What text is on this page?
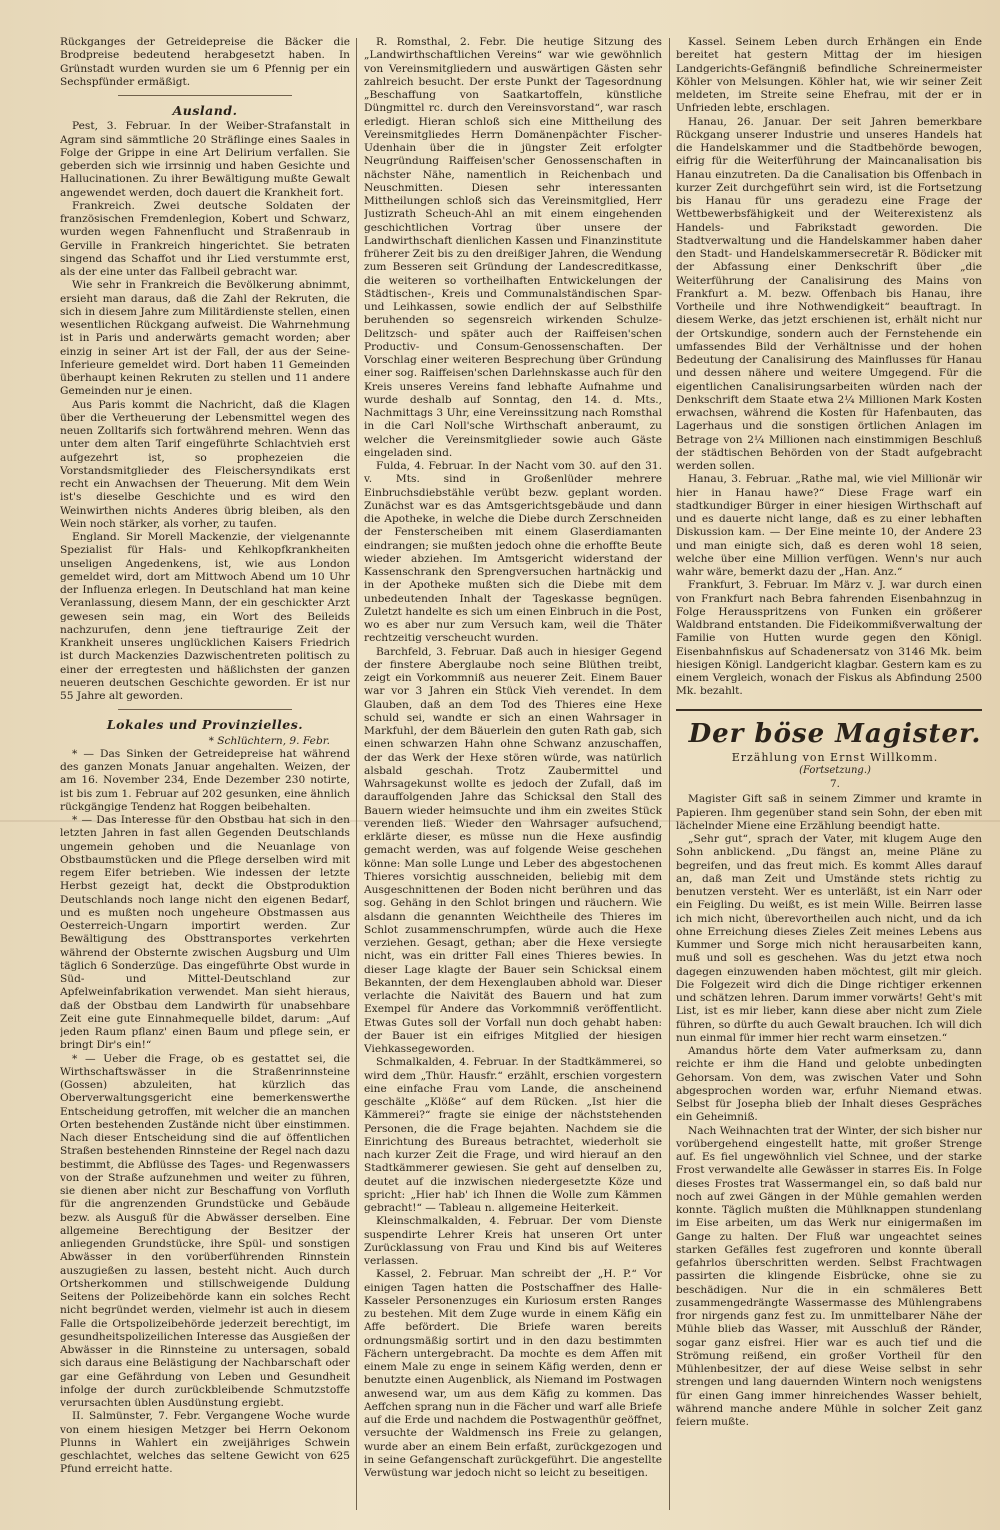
Rückganges der Getreidepreise die Bäcker die Brodpreise bedeutend herabgesetzt haben. In Grünstadt wurden wurden sie um 6 Pfennig per ein Sechspfünder ermäßigt.

Ausland.

Pest, 3. Februar. In der Weiber-Strafanstalt in Agram sind sämmtliche 20 Sträflinge eines Saales in Folge der Grippe in eine Art Delirium verfallen. Sie geberden sich wie irrsinnig und haben Gesichte und Hallucinationen. Zu ihrer Bewältigung mußte Gewalt angewendet werden, doch dauert die Krankheit fort.

Frankreich. Zwei deutsche Soldaten der französischen Fremdenlegion, Kobert und Schwarz, wurden wegen Fahnenflucht und Straßenraub in Gerville in Frankreich hingerichtet. Sie betraten singend das Schaffot und ihr Lied verstummte erst, als der eine unter das Fallbeil gebracht war.

Wie sehr in Frankreich die Bevölkerung abnimmt, ersieht man daraus, daß die Zahl der Rekruten, die sich in diesem Jahre zum Militärdienste stellen, einen wesentlichen Rückgang aufweist. Die Wahrnehmung ist in Paris und anderwärts gemacht worden; aber einzig in seiner Art ist der Fall, der aus der Seine-Inferieure gemeldet wird. Dort haben 11 Gemeinden überhaupt keinen Rekruten zu stellen und 11 andere Gemeinden nur je einen.

Aus Paris kommt die Nachricht, daß die Klagen über die Vertheuerung der Lebensmittel wegen des neuen Zolltarifs sich fortwährend mehren. Wenn das unter dem alten Tarif eingeführte Schlachtvieh erst aufgezehrt ist, so prophezeien die Vorstandsmitglieder des Fleischersyndikats erst recht ein Anwachsen der Theuerung. Mit dem Wein ist's dieselbe Geschichte und es wird den Weinwirthen nichts Anderes übrig bleiben, als den Wein noch stärker, als vorher, zu taufen.

England. Sir Morell Mackenzie, der vielgenannte Spezialist für Hals- und Kehlkopfkrankheiten unseligen Angedenkens, ist, wie aus London gemeldet wird, dort am Mittwoch Abend um 10 Uhr der Influenza erlegen. In Deutschland hat man keine Veranlassung, diesem Mann, der ein geschickter Arzt gewesen sein mag, ein Wort des Beileids nachzurufen, denn jene tieftraurige Zeit der Krankheit unseres unglücklichen Kaisers Friedrich ist durch Mackenzies Dazwischentreten politisch zu einer der erregtesten und häßlichsten der ganzen neueren deutschen Geschichte geworden. Er ist nur 55 Jahre alt geworden.

Lokales und Provinzielles.

* Schlüchtern, 9. Febr.

* — Das Sinken der Getreidepreise hat während des ganzen Monats Januar angehalten. Weizen, der am 16. November 234, Ende Dezember 230 notirte, ist bis zum 1. Februar auf 202 gesunken, eine ähnlich rückgängige Tendenz hat Roggen beibehalten.

* — Das Interesse für den Obstbau hat sich in den letzten Jahren in fast allen Gegenden Deutschlands ungemein gehoben und die Neuanlage von Obstbaumstücken und die Pflege derselben wird mit regem Eifer betrieben. Wie indessen der letzte Herbst gezeigt hat, deckt die Obstproduktion Deutschlands noch lange nicht den eigenen Bedarf, und es mußten noch ungeheure Obstmassen aus Oesterreich-Ungarn importirt werden. Zur Bewältigung des Obsttransportes verkehrten während der Obsternte zwischen Augsburg und Ulm täglich 6 Sonderzüge. Das eingeführte Obst wurde in Süd- und Mittel-Deutschland zur Apfelweinfabrikation verwendet. Man sieht hieraus, daß der Obstbau dem Landwirth für unabsehbare Zeit eine gute Einnahmequelle bildet, darum: „Auf jeden Raum pflanz' einen Baum und pflege sein, er bringt Dir's ein!“

* — Ueber die Frage, ob es gestattet sei, die Wirthschaftswässer in die Straßenrinnsteine (Gossen) abzuleiten, hat kürzlich das Oberverwaltungsgericht eine bemerkenswerthe Entscheidung getroffen, mit welcher die an manchen Orten bestehenden Zustände nicht über einstimmen. Nach dieser Entscheidung sind die auf öffentlichen Straßen bestehenden Rinnsteine der Regel nach dazu bestimmt, die Abflüsse des Tages- und Regenwassers von der Straße aufzunehmen und weiter zu führen, sie dienen aber nicht zur Beschaffung von Vorfluth für die angrenzenden Grundstücke und Gebäude bezw. als Ausguß für die Abwässer derselben. Eine allgemeine Berechtigung der Besitzer der anliegenden Grundstücke, ihre Spül- und sonstigen Abwässer in den vorüberführenden Rinnstein auszugießen zu lassen, besteht nicht. Auch durch Ortsherkommen und stillschweigende Duldung Seitens der Polizeibehörde kann ein solches Recht nicht begründet werden, vielmehr ist auch in diesem Falle die Ortspolizeibehörde jederzeit berechtigt, im gesundheitspolizeilichen Interesse das Ausgießen der Abwässer in die Rinnsteine zu untersagen, sobald sich daraus eine Belästigung der Nachbarschaft oder gar eine Gefährdung von Leben und Gesundheit infolge der durch zurückbleibende Schmutzstoffe verursachten üblen Ausdünstung ergiebt.

II. Salmünster, 7. Febr. Vergangene Woche wurde von einem hiesigen Metzger bei Herrn Oekonom Plunns in Wahlert ein zweijähriges Schwein geschlachtet, welches das seltene Gewicht von 625 Pfund erreicht hatte.

R. Romsthal, 2. Febr. Die heutige Sitzung des „Landwirthschaftlichen Vereins“ war wie gewöhnlich von Vereinsmitgliedern und auswärtigen Gästen sehr zahlreich besucht. Der erste Punkt der Tagesordnung „Beschaffung von Saatkartoffeln, künstliche Düngmittel rc. durch den Vereinsvorstand“, war rasch erledigt. Hieran schloß sich eine Mittheilung des Vereinsmitgliedes Herrn Domänenpächter Fischer-Udenhain über die in jüngster Zeit erfolgter Neugründung Raiffeisen'scher Genossenschaften in nächster Nähe, namentlich in Reichenbach und Neuschmitten. Diesen sehr interessanten Mittheilungen schloß sich das Vereinsmitglied, Herr Justizrath Scheuch-Ahl an mit einem eingehenden geschichtlichen Vortrag über unsere der Landwirthschaft dienlichen Kassen und Finanzinstitute früherer Zeit bis zu den dreißiger Jahren, die Wendung zum Besseren seit Gründung der Landescreditkasse, die weiteren so vortheilhaften Entwickelungen der Städtischen-, Kreis und Communalständischen Spar- und Leihkassen, sowie endlich der auf Selbsthilfe beruhenden so segensreich wirkenden Schulze-Delitzsch- und später auch der Raiffeisen'schen Productiv- und Consum-Genossenschaften. Der Vorschlag einer weiteren Besprechung über Gründung einer sog. Raiffeisen'schen Darlehnskasse auch für den Kreis unseres Vereins fand lebhafte Aufnahme und wurde deshalb auf Sonntag, den 14. d. Mts., Nachmittags 3 Uhr, eine Vereinssitzung nach Romsthal in die Carl Noll'sche Wirthschaft anberaumt, zu welcher die Vereinsmitglieder sowie auch Gäste eingeladen sind.

Fulda, 4. Februar. In der Nacht vom 30. auf den 31. v. Mts. sind in Großenlüder mehrere Einbruchsdiebstähle verübt bezw. geplant worden. Zunächst war es das Amtsgerichtsgebäude und dann die Apotheke, in welche die Diebe durch Zerschneiden der Fensterscheiben mit einem Glaserdiamanten eindrangen; sie mußten jedoch ohne die erhoffte Beute wieder abziehen. Im Amtsgericht widerstand der Kassenschrank den Sprengversuchen hartnäckig und in der Apotheke mußten sich die Diebe mit dem unbedeutenden Inhalt der Tageskasse begnügen. Zuletzt handelte es sich um einen Einbruch in die Post, wo es aber nur zum Versuch kam, weil die Thäter rechtzeitig verscheucht wurden.

Barchfeld, 3. Februar. Daß auch in hiesiger Gegend der finstere Aberglaube noch seine Blüthen treibt, zeigt ein Vorkommniß aus neuerer Zeit. Einem Bauer war vor 3 Jahren ein Stück Vieh verendet. In dem Glauben, daß an dem Tod des Thieres eine Hexe schuld sei, wandte er sich an einen Wahrsager in Markfuhl, der dem Bäuerlein den guten Rath gab, sich einen schwarzen Hahn ohne Schwanz anzuschaffen, der das Werk der Hexe stören würde, was natürlich alsbald geschah. Trotz Zaubermittel und Wahrsagekunst wollte es jedoch der Zufall, daß im darauffolgenden Jahre das Schicksal den Stall des Bauern wieder heimsuchte und ihm ein zweites Stück verenden ließ. Wieder den Wahrsager aufsuchend, erklärte dieser, es müsse nun die Hexe ausfindig gemacht werden, was auf folgende Weise geschehen könne: Man solle Lunge und Leber des abgestochenen Thieres vorsichtig ausschneiden, beliebig mit dem Ausgeschnittenen der Boden nicht berühren und das sog. Gehäng in den Schlot bringen und räuchern. Wie alsdann die genannten Weichtheile des Thieres im Schlot zusammenschrumpfen, würde auch die Hexe verziehen. Gesagt, gethan; aber die Hexe versiegte nicht, was ein dritter Fall eines Thieres bewies. In dieser Lage klagte der Bauer sein Schicksal einem Bekannten, der dem Hexenglauben abhold war. Dieser verlachte die Naivität des Bauern und hat zum Exempel für Andere das Vorkommniß veröffentlicht. Etwas Gutes soll der Vorfall nun doch gehabt haben: der Bauer ist ein eifriges Mitglied der hiesigen Viehkassegeworden.

Schmalkalden, 4. Februar. In der Stadtkämmerei, so wird dem „Thür. Hausfr.“ erzählt, erschien vorgestern eine einfache Frau vom Lande, die anscheinend geschälte „Klöße“ auf dem Rücken. „Ist hier die Kämmerei?“ fragte sie einige der nächststehenden Personen, die die Frage bejahten. Nachdem sie die Einrichtung des Bureaus betrachtet, wiederholt sie nach kurzer Zeit die Frage, und wird hierauf an den Stadtkämmerer gewiesen. Sie geht auf denselben zu, deutet auf die inzwischen niedergesetzte Köze und spricht: „Hier hab' ich Ihnen die Wolle zum Kämmen gebracht!“ — Tableau n. allgemeine Heiterkeit.

Kleinschmalkalden, 4. Februar. Der vom Dienste suspendirte Lehrer Kreis hat unseren Ort unter Zurücklassung von Frau und Kind bis auf Weiteres verlassen.

Kassel, 2. Februar. Man schreibt der „H. P.“ Vor einigen Tagen hatten die Postschaffner des Halle-Kasseler Personenzuges ein Kuriosum ersten Ranges zu bestehen. Mit dem Zuge wurde in einem Käfig ein Affe befördert. Die Briefe waren bereits ordnungsmäßig sortirt und in den dazu bestimmten Fächern untergebracht. Da mochte es dem Affen mit einem Male zu enge in seinem Käfig werden, denn er benutzte einen Augenblick, als Niemand im Postwagen anwesend war, um aus dem Käfig zu kommen. Das Aeffchen sprang nun in die Fächer und warf alle Briefe auf die Erde und nachdem die Postwagenthür geöffnet, versuchte der Waldmensch ins Freie zu gelangen, wurde aber an einem Bein erfaßt, zurückgezogen und in seine Gefangenschaft zurückgeführt. Die angestellte Verwüstung war jedoch nicht so leicht zu beseitigen.

Kassel. Seinem Leben durch Erhängen ein Ende bereitet hat gestern Mittag der im hiesigen Landgerichts-Gefängniß befindliche Schreinermeister Köhler von Melsungen. Köhler hat, wie wir seiner Zeit meldeten, im Streite seine Ehefrau, mit der er in Unfrieden lebte, erschlagen.

Hanau, 26. Januar. Der seit Jahren bemerkbare Rückgang unserer Industrie und unseres Handels hat die Handelskammer und die Stadtbehörde bewogen, eifrig für die Weiterführung der Maincanalisation bis Hanau einzutreten. Da die Canalisation bis Offenbach in kurzer Zeit durchgeführt sein wird, ist die Fortsetzung bis Hanau für uns geradezu eine Frage der Wettbewerbsfähigkeit und der Weiterexistenz als Handels- und Fabrikstadt geworden. Die Stadtverwaltung und die Handelskammer haben daher den Stadt- und Handelskammersecretär R. Bödicker mit der Abfassung einer Denkschrift über „die Weiterführung der Canalisirung des Mains von Frankfurt a. M. bezw. Offenbach bis Hanau, ihre Vortheile und ihre Nothwendigkeit“ beauftragt. In diesem Werke, das jetzt erschienen ist, erhält nicht nur der Ortskundige, sondern auch der Fernstehende ein umfassendes Bild der Verhältnisse und der hohen Bedeutung der Canalisirung des Mainflusses für Hanau und dessen nähere und weitere Umgegend. Für die eigentlichen Canalisirungsarbeiten würden nach der Denkschrift dem Staate etwa 2¼ Millionen Mark Kosten erwachsen, während die Kosten für Hafenbauten, das Lagerhaus und die sonstigen örtlichen Anlagen im Betrage von 2¼ Millionen nach einstimmigen Beschluß der städtischen Behörden von der Stadt aufgebracht werden sollen.

Hanau, 3. Februar. „Rathe mal, wie viel Millionär wir hier in Hanau hawe?“ Diese Frage warf ein stadtkundiger Bürger in einer hiesigen Wirthschaft auf und es dauerte nicht lange, daß es zu einer lebhaften Diskussion kam. — Der Eine meinte 10, der Andere 23 und man einigte sich, daß es deren wohl 18 seien, welche über eine Million verfügen. Wenn's nur auch wahr wäre, bemerkt dazu der „Han. Anz.“

Frankfurt, 3. Februar. Im März v. J. war durch einen von Frankfurt nach Bebra fahrenden Eisenbahnzug in Folge Herausspritzens von Funken ein größerer Waldbrand entstanden. Die Fideikommißverwaltung der Familie von Hutten wurde gegen den Königl. Eisenbahnfiskus auf Schadenersatz von 3146 Mk. beim hiesigen Königl. Landgericht klagbar. Gestern kam es zu einem Vergleich, wonach der Fiskus als Abfindung 2500 Mk. bezahlt.

Der böse Magister.

Erzählung von Ernst Willkomm.

(Fortsetzung.)

7.

Magister Gift saß in seinem Zimmer und kramte in Papieren. Ihm gegenüber stand sein Sohn, der eben mit lächelnder Miene eine Erzählung beendigt hatte.

„Sehr gut“, sprach der Vater, mit klugem Auge den Sohn anblickend. „Du fängst an, meine Pläne zu begreifen, und das freut mich. Es kommt Alles darauf an, daß man Zeit und Umstände stets richtig zu benutzen versteht. Wer es unterläßt, ist ein Narr oder ein Feigling. Du weißt, es ist mein Wille. Beirren lasse ich mich nicht, überevortheilen auch nicht, und da ich ohne Erreichung dieses Zieles Zeit meines Lebens aus Kummer und Sorge mich nicht herausarbeiten kann, muß und soll es geschehen. Was du jetzt etwa noch dagegen einzuwenden haben möchtest, gilt mir gleich. Die Folgezeit wird dich die Dinge richtiger erkennen und schätzen lehren. Darum immer vorwärts! Geht's mit List, ist es mir lieber, kann diese aber nicht zum Ziele führen, so dürfte du auch Gewalt brauchen. Ich will dich nun einmal für immer hier recht warm einsetzen.“

Amandus hörte dem Vater aufmerksam zu, dann reichte er ihm die Hand und gelobte unbedingten Gehorsam. Von dem, was zwischen Vater und Sohn abgesprochen worden war, erfuhr Niemand etwas. Selbst für Josepha blieb der Inhalt dieses Gespräches ein Geheimniß.

Nach Weihnachten trat der Winter, der sich bisher nur vorübergehend eingestellt hatte, mit großer Strenge auf. Es fiel ungewöhnlich viel Schnee, und der starke Frost verwandelte alle Gewässer in starres Eis. In Folge dieses Frostes trat Wassermangel ein, so daß bald nur noch auf zwei Gängen in der Mühle gemahlen werden konnte. Täglich mußten die Mühlknappen stundenlang im Eise arbeiten, um das Werk nur einigermaßen im Gange zu halten. Der Fluß war ungeachtet seines starken Gefälles fest zugefroren und konnte überall gefahrlos überschritten werden. Selbst Frachtwagen passirten die klingende Eisbrücke, ohne sie zu beschädigen. Nur die in ein schmäleres Bett zusammengedrängte Wassermasse des Mühlengrabens fror nirgends ganz fest zu. Im unmittelbarer Nähe der Mühle blieb das Wasser, mit Ausschluß der Ränder, sogar ganz eisfrei. Hier war es auch tief und die Strömung reißend, ein großer Vortheil für den Mühlenbesitzer, der auf diese Weise selbst in sehr strengen und lang dauernden Wintern noch wenigstens für einen Gang immer hinreichendes Wasser behielt, während manche andere Mühle in solcher Zeit ganz feiern mußte.
